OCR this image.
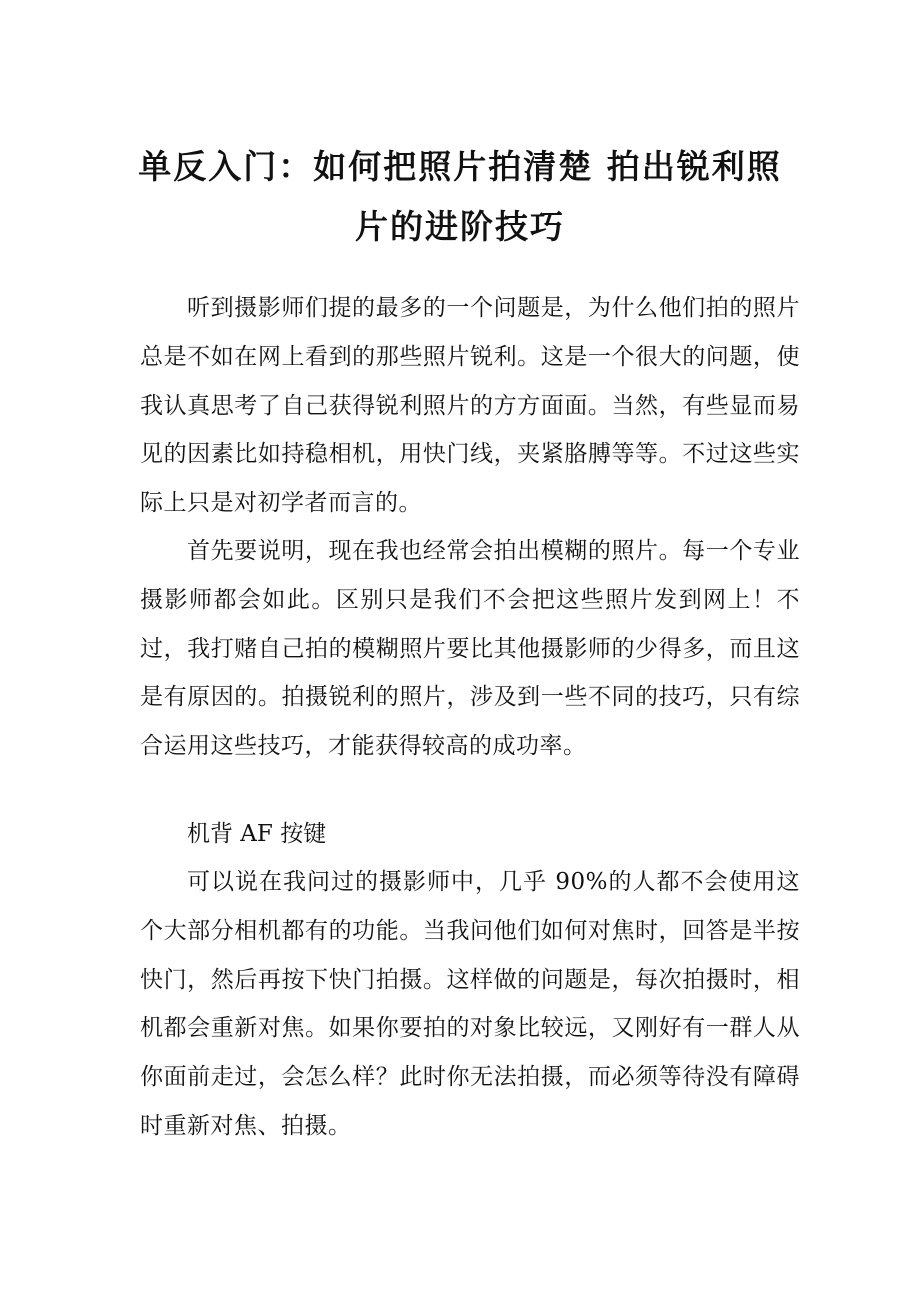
单反入门：如何把照片拍清楚 拍出锐利照
片的进阶技巧

听到摄影师们提的最多的一个问题是，为什么他们拍的照片总是不如在网上看到的那些照片锐利。这是一个很大的问题，使我认真思考了自己获得锐利照片的方方面面。当然，有些显而易见的因素比如持稳相机，用快门线，夹紧胳膊等等。不过这些实际上只是对初学者而言的。

首先要说明，现在我也经常会拍出模糊的照片。每一个专业摄影师都会如此。区别只是我们不会把这些照片发到网上！不过，我打赌自己拍的模糊照片要比其他摄影师的少得多，而且这是有原因的。拍摄锐利的照片，涉及到一些不同的技巧，只有综合运用这些技巧，才能获得较高的成功率。

机背 AF 按键

可以说在我问过的摄影师中，几乎 90%的人都不会使用这个大部分相机都有的功能。当我问他们如何对焦时，回答是半按快门，然后再按下快门拍摄。这样做的问题是，每次拍摄时，相机都会重新对焦。如果你要拍的对象比较远，又刚好有一群人从你面前走过，会怎么样？此时你无法拍摄，而必须等待没有障碍时重新对焦、拍摄。
